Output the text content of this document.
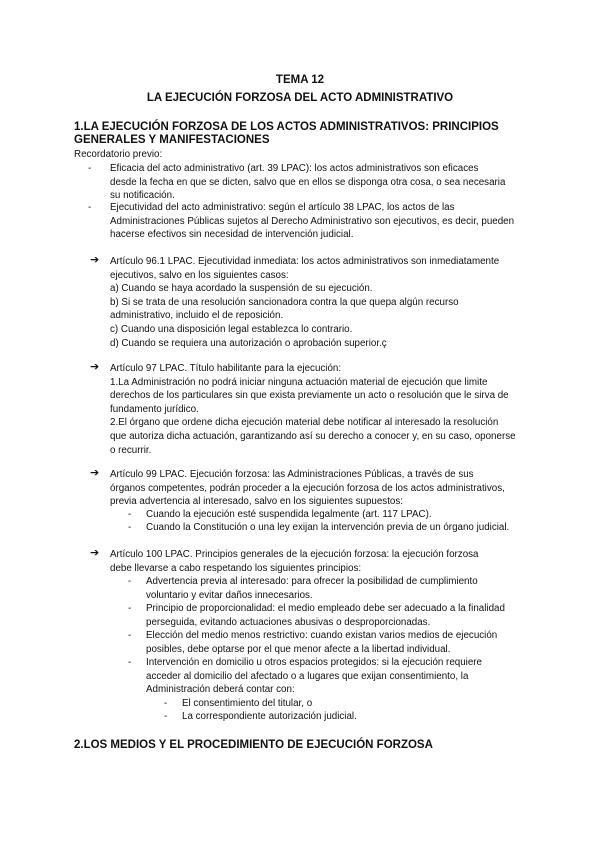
TEMA 12
LA EJECUCIÓN FORZOSA DEL ACTO ADMINISTRATIVO
1.LA EJECUCIÓN FORZOSA DE LOS ACTOS ADMINISTRATIVOS: PRINCIPIOS
GENERALES Y MANIFESTACIONES
Recordatorio previo:
- Eficacia del acto administrativo (art. 39 LPAC): los actos administrativos son eficaces
desde la fecha en que se dicten, salvo que en ellos se disponga otra cosa, o sea necesaria
su notificación.
- Ejecutividad del acto administrativo: según el artículo 38 LPAC, los actos de las
Administraciones Públicas sujetos al Derecho Administrativo son ejecutivos, es decir, pueden
hacerse efectivos sin necesidad de intervención judicial.
➔ Artículo 96.1 LPAC. Ejecutividad inmediata: los actos administrativos son inmediatamente
ejecutivos, salvo en los siguientes casos:
a) Cuando se haya acordado la suspensión de su ejecución.
b) Si se trata de una resolución sancionadora contra la que quepa algún recurso
administrativo, incluido el de reposición.
c) Cuando una disposición legal establezca lo contrario.
d) Cuando se requiera una autorización o aprobación superior.ç
➔ Artículo 97 LPAC. Título habilitante para la ejecución:
1.La Administración no podrá iniciar ninguna actuación material de ejecución que limite
derechos de los particulares sin que exista previamente un acto o resolución que le sirva de
fundamento jurídico.
2.El órgano que ordene dicha ejecución material debe notificar al interesado la resolución
que autoriza dicha actuación, garantizando así su derecho a conocer y, en su caso, oponerse
o recurrir.
➔ Artículo 99 LPAC. Ejecución forzosa: las Administraciones Públicas, a través de sus
órganos competentes, podrán proceder a la ejecución forzosa de los actos administrativos,
previa advertencia al interesado, salvo en los siguientes supuestos:
- Cuando la ejecución esté suspendida legalmente (art. 117 LPAC).
- Cuando la Constitución o una ley exijan la intervención previa de un órgano judicial.
➔ Artículo 100 LPAC. Principios generales de la ejecución forzosa: la ejecución forzosa
debe llevarse a cabo respetando los siguientes principios:
- Advertencia previa al interesado: para ofrecer la posibilidad de cumplimiento
voluntario y evitar daños innecesarios.
- Principio de proporcionalidad: el medio empleado debe ser adecuado a la finalidad
perseguida, evitando actuaciones abusivas o desproporcionadas.
- Elección del medio menos restrictivo: cuando existan varios medios de ejecución
posibles, debe optarse por el que menor afecte a la libertad individual.
- Intervención en domicilio u otros espacios protegidos: si la ejecución requiere
acceder al domicilio del afectado o a lugares que exijan consentimiento, la
Administración deberá contar con:
- El consentimiento del titular, o
- La correspondiente autorización judicial.
2.LOS MEDIOS Y EL PROCEDIMIENTO DE EJECUCIÓN FORZOSA
